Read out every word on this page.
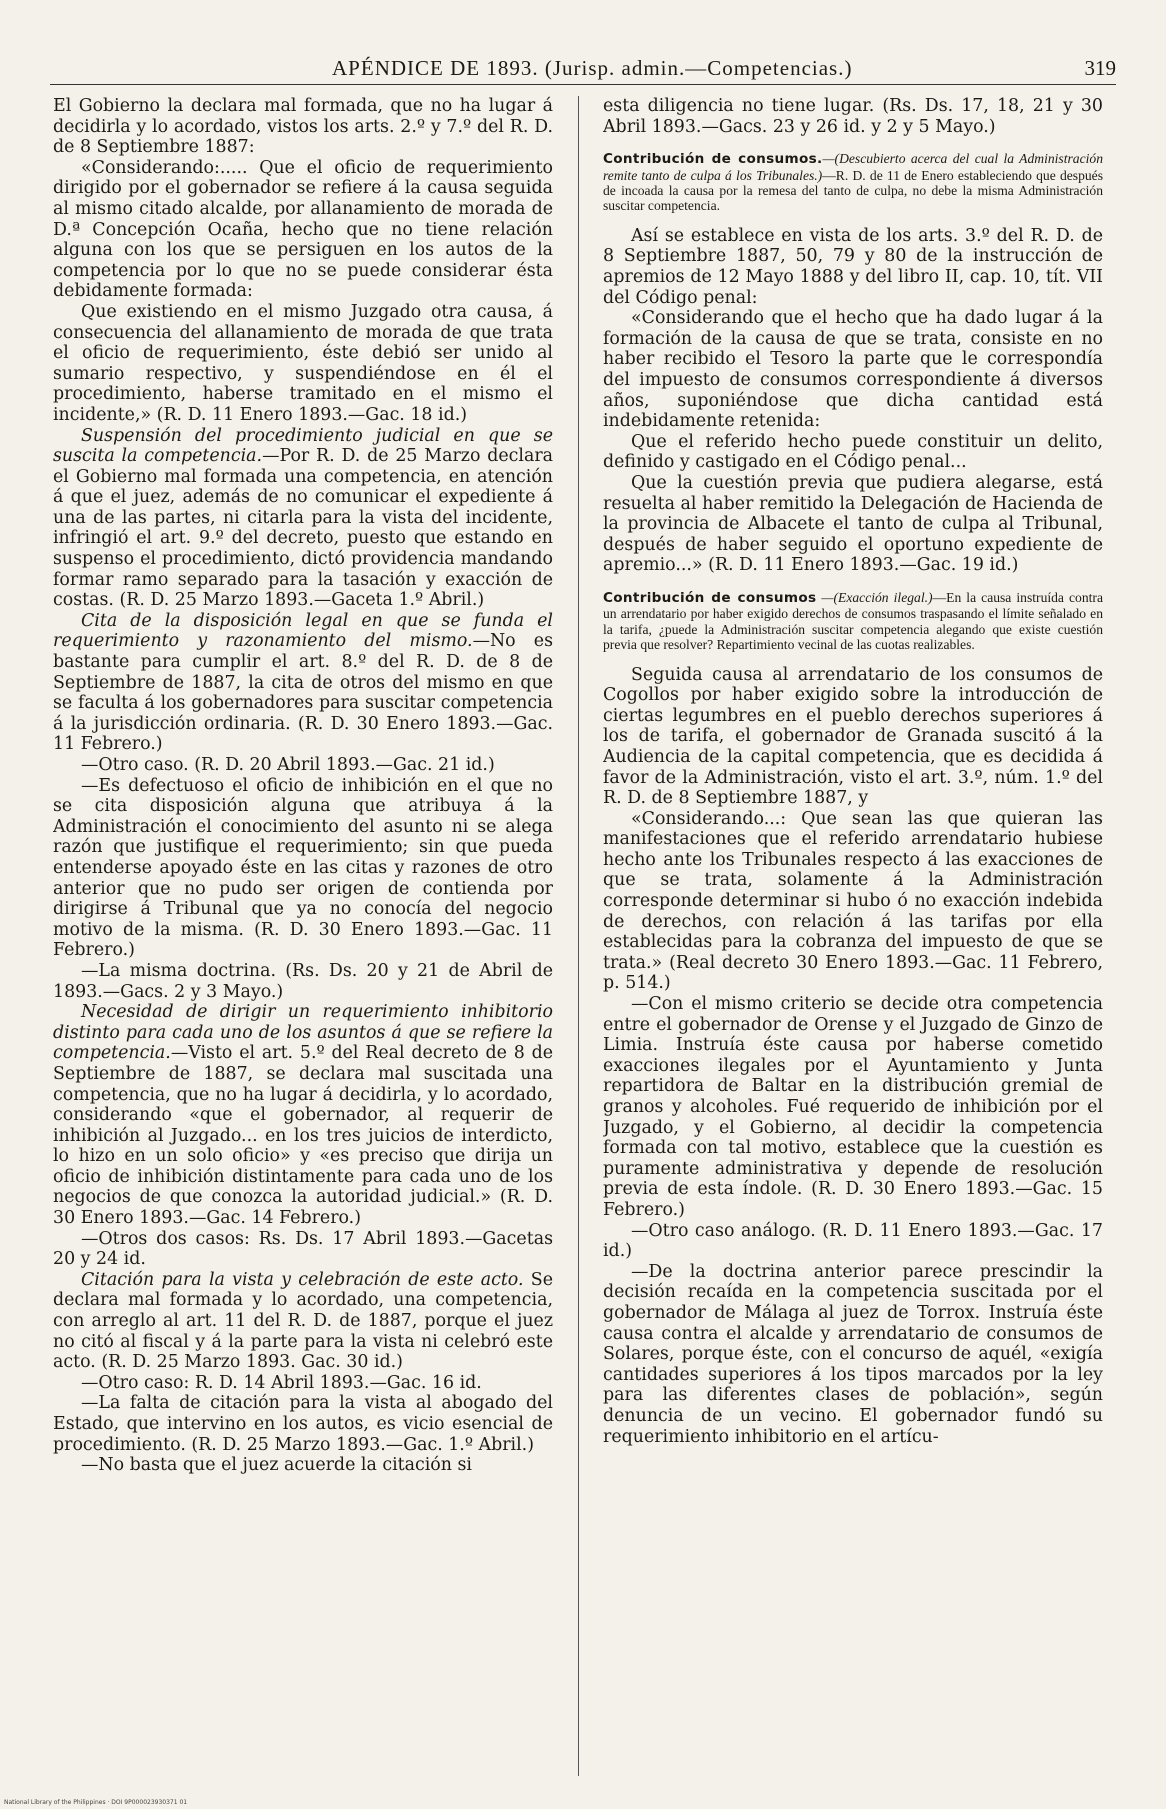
APÉNDICE DE 1893. (Jurisp. admin.—Competencias.)	319

El Gobierno la declara mal formada, que no ha lugar á decidirla y lo acordado, vistos los arts. 2.º y 7.º del R. D. de 8 Septiembre 1887:

«Considerando:..... Que el oficio de requerimiento dirigido por el gobernador se refiere á la causa seguida al mismo citado alcalde, por allanamiento de morada de D.ª Concepción Ocaña, hecho que no tiene relación alguna con los que se persiguen en los autos de la competencia por lo que no se puede considerar ésta debidamente formada:

Que existiendo en el mismo Juzgado otra causa, á consecuencia del allanamiento de morada de que trata el oficio de requerimiento, éste debió ser unido al sumario respectivo, y suspendiéndose en él el procedimiento, haberse tramitado en el mismo el incidente,» (R. D. 11 Enero 1893.—Gac. 18 id.)

Suspensión del procedimiento judicial en que se suscita la competencia.—Por R. D. de 25 Marzo declara el Gobierno mal formada una competencia, en atención á que el juez, además de no comunicar el expediente á una de las partes, ni citarla para la vista del incidente, infringió el art. 9.º del decreto, puesto que estando en suspenso el procedimiento, dictó providencia mandando formar ramo separado para la tasación y exacción de costas. (R. D. 25 Marzo 1893.—Gaceta 1.º Abril.)

Cita de la disposición legal en que se funda el requerimiento y razonamiento del mismo.—No es bastante para cumplir el art. 8.º del R. D. de 8 de Septiembre de 1887, la cita de otros del mismo en que se faculta á los gobernadores para suscitar competencia á la jurisdicción ordinaria. (R. D. 30 Enero 1893.—Gac. 11 Febrero.)

—Otro caso. (R. D. 20 Abril 1893.—Gac. 21 id.)

—Es defectuoso el oficio de inhibición en el que no se cita disposición alguna que atribuya á la Administración el conocimiento del asunto ni se alega razón que justifique el requerimiento; sin que pueda entenderse apoyado éste en las citas y razones de otro anterior que no pudo ser origen de contienda por dirigirse á Tribunal que ya no conocía del negocio motivo de la misma. (R. D. 30 Enero 1893.—Gac. 11 Febrero.)

—La misma doctrina. (Rs. Ds. 20 y 21 de Abril de 1893.—Gacs. 2 y 3 Mayo.)

Necesidad de dirigir un requerimiento inhibitorio distinto para cada uno de los asuntos á que se refiere la competencia.—Visto el art. 5.º del Real decreto de 8 de Septiembre de 1887, se declara mal suscitada una competencia, que no ha lugar á decidirla, y lo acordado, considerando «que el gobernador, al requerir de inhibición al Juzgado... en los tres juicios de interdicto, lo hizo en un solo oficio» y «es preciso que dirija un oficio de inhibición distintamente para cada uno de los negocios de que conozca la autoridad judicial.» (R. D. 30 Enero 1893.—Gac. 14 Febrero.)

—Otros dos casos: Rs. Ds. 17 Abril 1893.—Gacetas 20 y 24 id.

Citación para la vista y celebración de este acto. Se declara mal formada y lo acordado, una competencia, con arreglo al art. 11 del R. D. de 1887, porque el juez no citó al fiscal y á la parte para la vista ni celebró este acto. (R. D. 25 Marzo 1893. Gac. 30 id.)

—Otro caso: R. D. 14 Abril 1893.—Gac. 16 id.

—La falta de citación para la vista al abogado del Estado, que intervino en los autos, es vicio esencial de procedimiento. (R. D. 25 Marzo 1893.—Gac. 1.º Abril.)

—No basta que el juez acuerde la citación si

esta diligencia no tiene lugar. (Rs. Ds. 17, 18, 21 y 30 Abril 1893.—Gacs. 23 y 26 id. y 2 y 5 Mayo.)

Contribución de consumos.—(Descubierto acerca del cual la Administración remite tanto de culpa á los Tribunales.)—R. D. de 11 de Enero estableciendo que después de incoada la causa por la remesa del tanto de culpa, no debe la misma Administración suscitar competencia.

Así se establece en vista de los arts. 3.º del R. D. de 8 Septiembre 1887, 50, 79 y 80 de la instrucción de apremios de 12 Mayo 1888 y del libro II, cap. 10, tít. VII del Código penal:

«Considerando que el hecho que ha dado lugar á la formación de la causa de que se trata, consiste en no haber recibido el Tesoro la parte que le correspondía del impuesto de consumos correspondiente á diversos años, suponiéndose que dicha cantidad está indebidamente retenida:

Que el referido hecho puede constituir un delito, definido y castigado en el Código penal...

Que la cuestión previa que pudiera alegarse, está resuelta al haber remitido la Delegación de Hacienda de la provincia de Albacete el tanto de culpa al Tribunal, después de haber seguido el oportuno expediente de apremio...» (R. D. 11 Enero 1893.—Gac. 19 id.)

Contribución de consumos —(Exacción ilegal.)—En la causa instruída contra un arrendatario por haber exigido derechos de consumos traspasando el límite señalado en la tarifa, ¿puede la Administración suscitar competencia alegando que existe cuestión previa que resolver? Repartimiento vecinal de las cuotas realizables.

Seguida causa al arrendatario de los consumos de Cogollos por haber exigido sobre la introducción de ciertas legumbres en el pueblo derechos superiores á los de tarifa, el gobernador de Granada suscitó á la Audiencia de la capital competencia, que es decidida á favor de la Administración, visto el art. 3.º, núm. 1.º del R. D. de 8 Septiembre 1887, y

«Considerando...: Que sean las que quieran las manifestaciones que el referido arrendatario hubiese hecho ante los Tribunales respecto á las exacciones de que se trata, solamente á la Administración corresponde determinar si hubo ó no exacción indebida de derechos, con relación á las tarifas por ella establecidas para la cobranza del impuesto de que se trata.» (Real decreto 30 Enero 1893.—Gac. 11 Febrero, p. 514.)

—Con el mismo criterio se decide otra competencia entre el gobernador de Orense y el Juzgado de Ginzo de Limia. Instruía éste causa por haberse cometido exacciones ilegales por el Ayuntamiento y Junta repartidora de Baltar en la distribución gremial de granos y alcoholes. Fué requerido de inhibición por el Juzgado, y el Gobierno, al decidir la competencia formada con tal motivo, establece que la cuestión es puramente administrativa y depende de resolución previa de esta índole. (R. D. 30 Enero 1893.—Gac. 15 Febrero.)

—Otro caso análogo. (R. D. 11 Enero 1893.—Gac. 17 id.)

—De la doctrina anterior parece prescindir la decisión recaída en la competencia suscitada por el gobernador de Málaga al juez de Torrox. Instruía éste causa contra el alcalde y arrendatario de consumos de Solares, porque éste, con el concurso de aquél, «exigía cantidades superiores á los tipos marcados por la ley para las diferentes clases de población», según denuncia de un vecino. El gobernador fundó su requerimiento inhibitorio en el artícu-

National Library of the Philippines · DOI 9P000023930371 01
